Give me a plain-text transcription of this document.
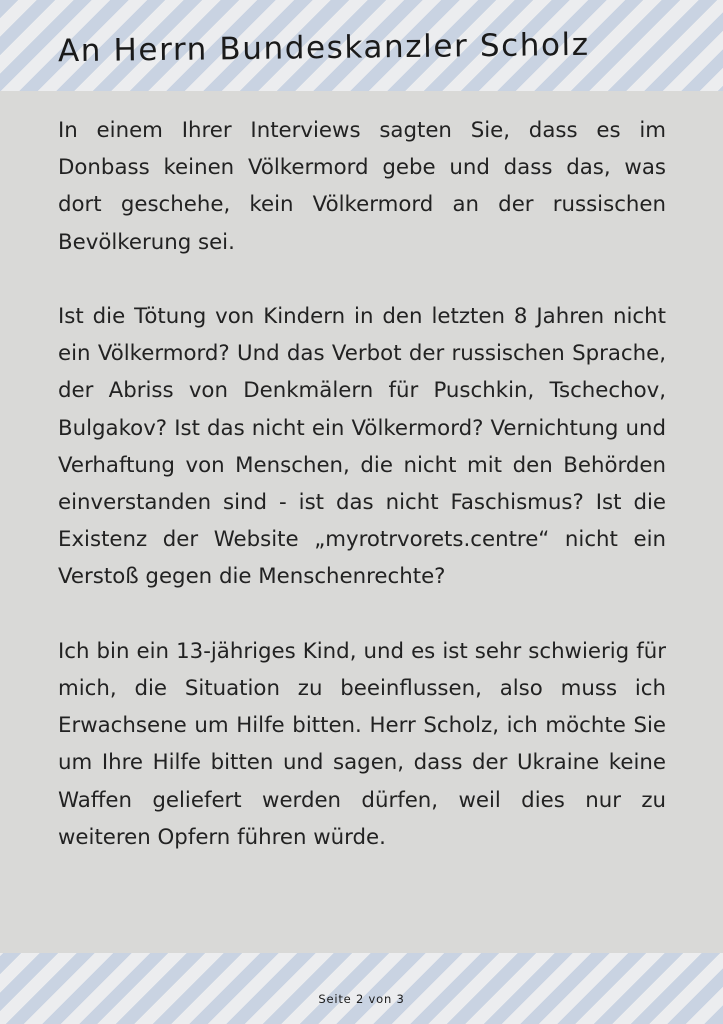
An Herrn Bundeskanzler Scholz

In einem Ihrer Interviews sagten Sie, dass es im Donbass keinen Völkermord gebe und dass das, was dort geschehe, kein Völkermord an der russischen Bevölkerung sei.

Ist die Tötung von Kindern in den letzten 8 Jahren nicht ein Völkermord? Und das Verbot der russischen Sprache, der Abriss von Denkmälern für Puschkin, Tschechov, Bulgakov? Ist das nicht ein Völkermord? Vernichtung und Verhaftung von Menschen, die nicht mit den Behörden einverstanden sind - ist das nicht Faschismus? Ist die Existenz der Website „myrotrvorets.centre“ nicht ein Verstoß gegen die Menschenrechte?

Ich bin ein 13-jähriges Kind, und es ist sehr schwierig für mich, die Situation zu beeinflussen, also muss ich Erwachsene um Hilfe bitten. Herr Scholz, ich möchte Sie um Ihre Hilfe bitten und sagen, dass der Ukraine keine Waffen geliefert werden dürfen, weil dies nur zu weiteren Opfern führen würde.

Seite 2 von 3
